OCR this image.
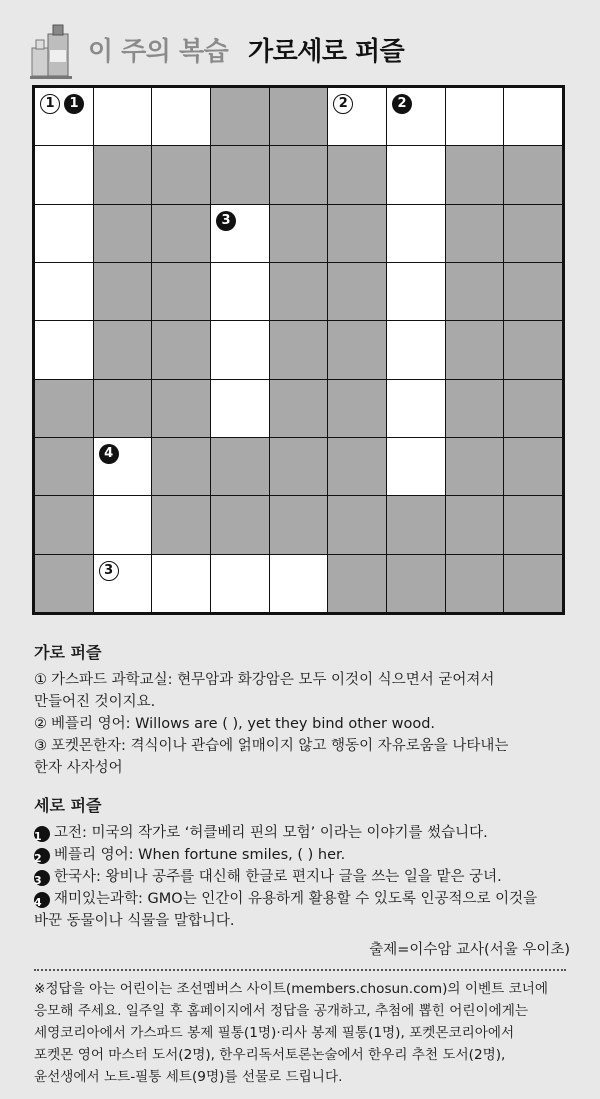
이 주의 복습 가로세로 퍼즐
1	1	2	2
3
4
3

가로 퍼즐

① 가스파드 과학교실: 현무암과 화강암은 모두 이것이 식으면서 굳어져서
만들어진 것이지요.

② 베플리 영어: Willows are ( ), yet they bind other wood.

③ 포켓몬한자: 격식이나 관습에 얽매이지 않고 행동이 자유로움을 나타내는
한자 사자성어

세로 퍼즐

1 고전: 미국의 작가로 ‘허클베리 핀의 모험’ 이라는 이야기를 썼습니다.

2 베플리 영어: When fortune smiles, ( ) her.

3 한국사: 왕비나 공주를 대신해 한글로 편지나 글을 쓰는 일을 맡은 궁녀.

4 재미있는과학: GMO는 인간이 유용하게 활용할 수 있도록 인공적으로 이것을
바꾼 동물이나 식물을 말합니다.

출제=이수암 교사(서울 우이초)
※정답을 아는 어린이는 조선멤버스 사이트(members.chosun.com)의 이벤트 코너에
응모해 주세요. 일주일 후 홈페이지에서 정답을 공개하고, 추첨에 뽑힌 어린이에게는
세영코리아에서 가스파드 봉제 필통(1명)·리사 봉제 필통(1명), 포켓몬코리아에서
포켓몬 영어 마스터 도서(2명), 한우리독서토론논술에서 한우리 추천 도서(2명),
윤선생에서 노트-필통 세트(9명)를 선물로 드립니다.
